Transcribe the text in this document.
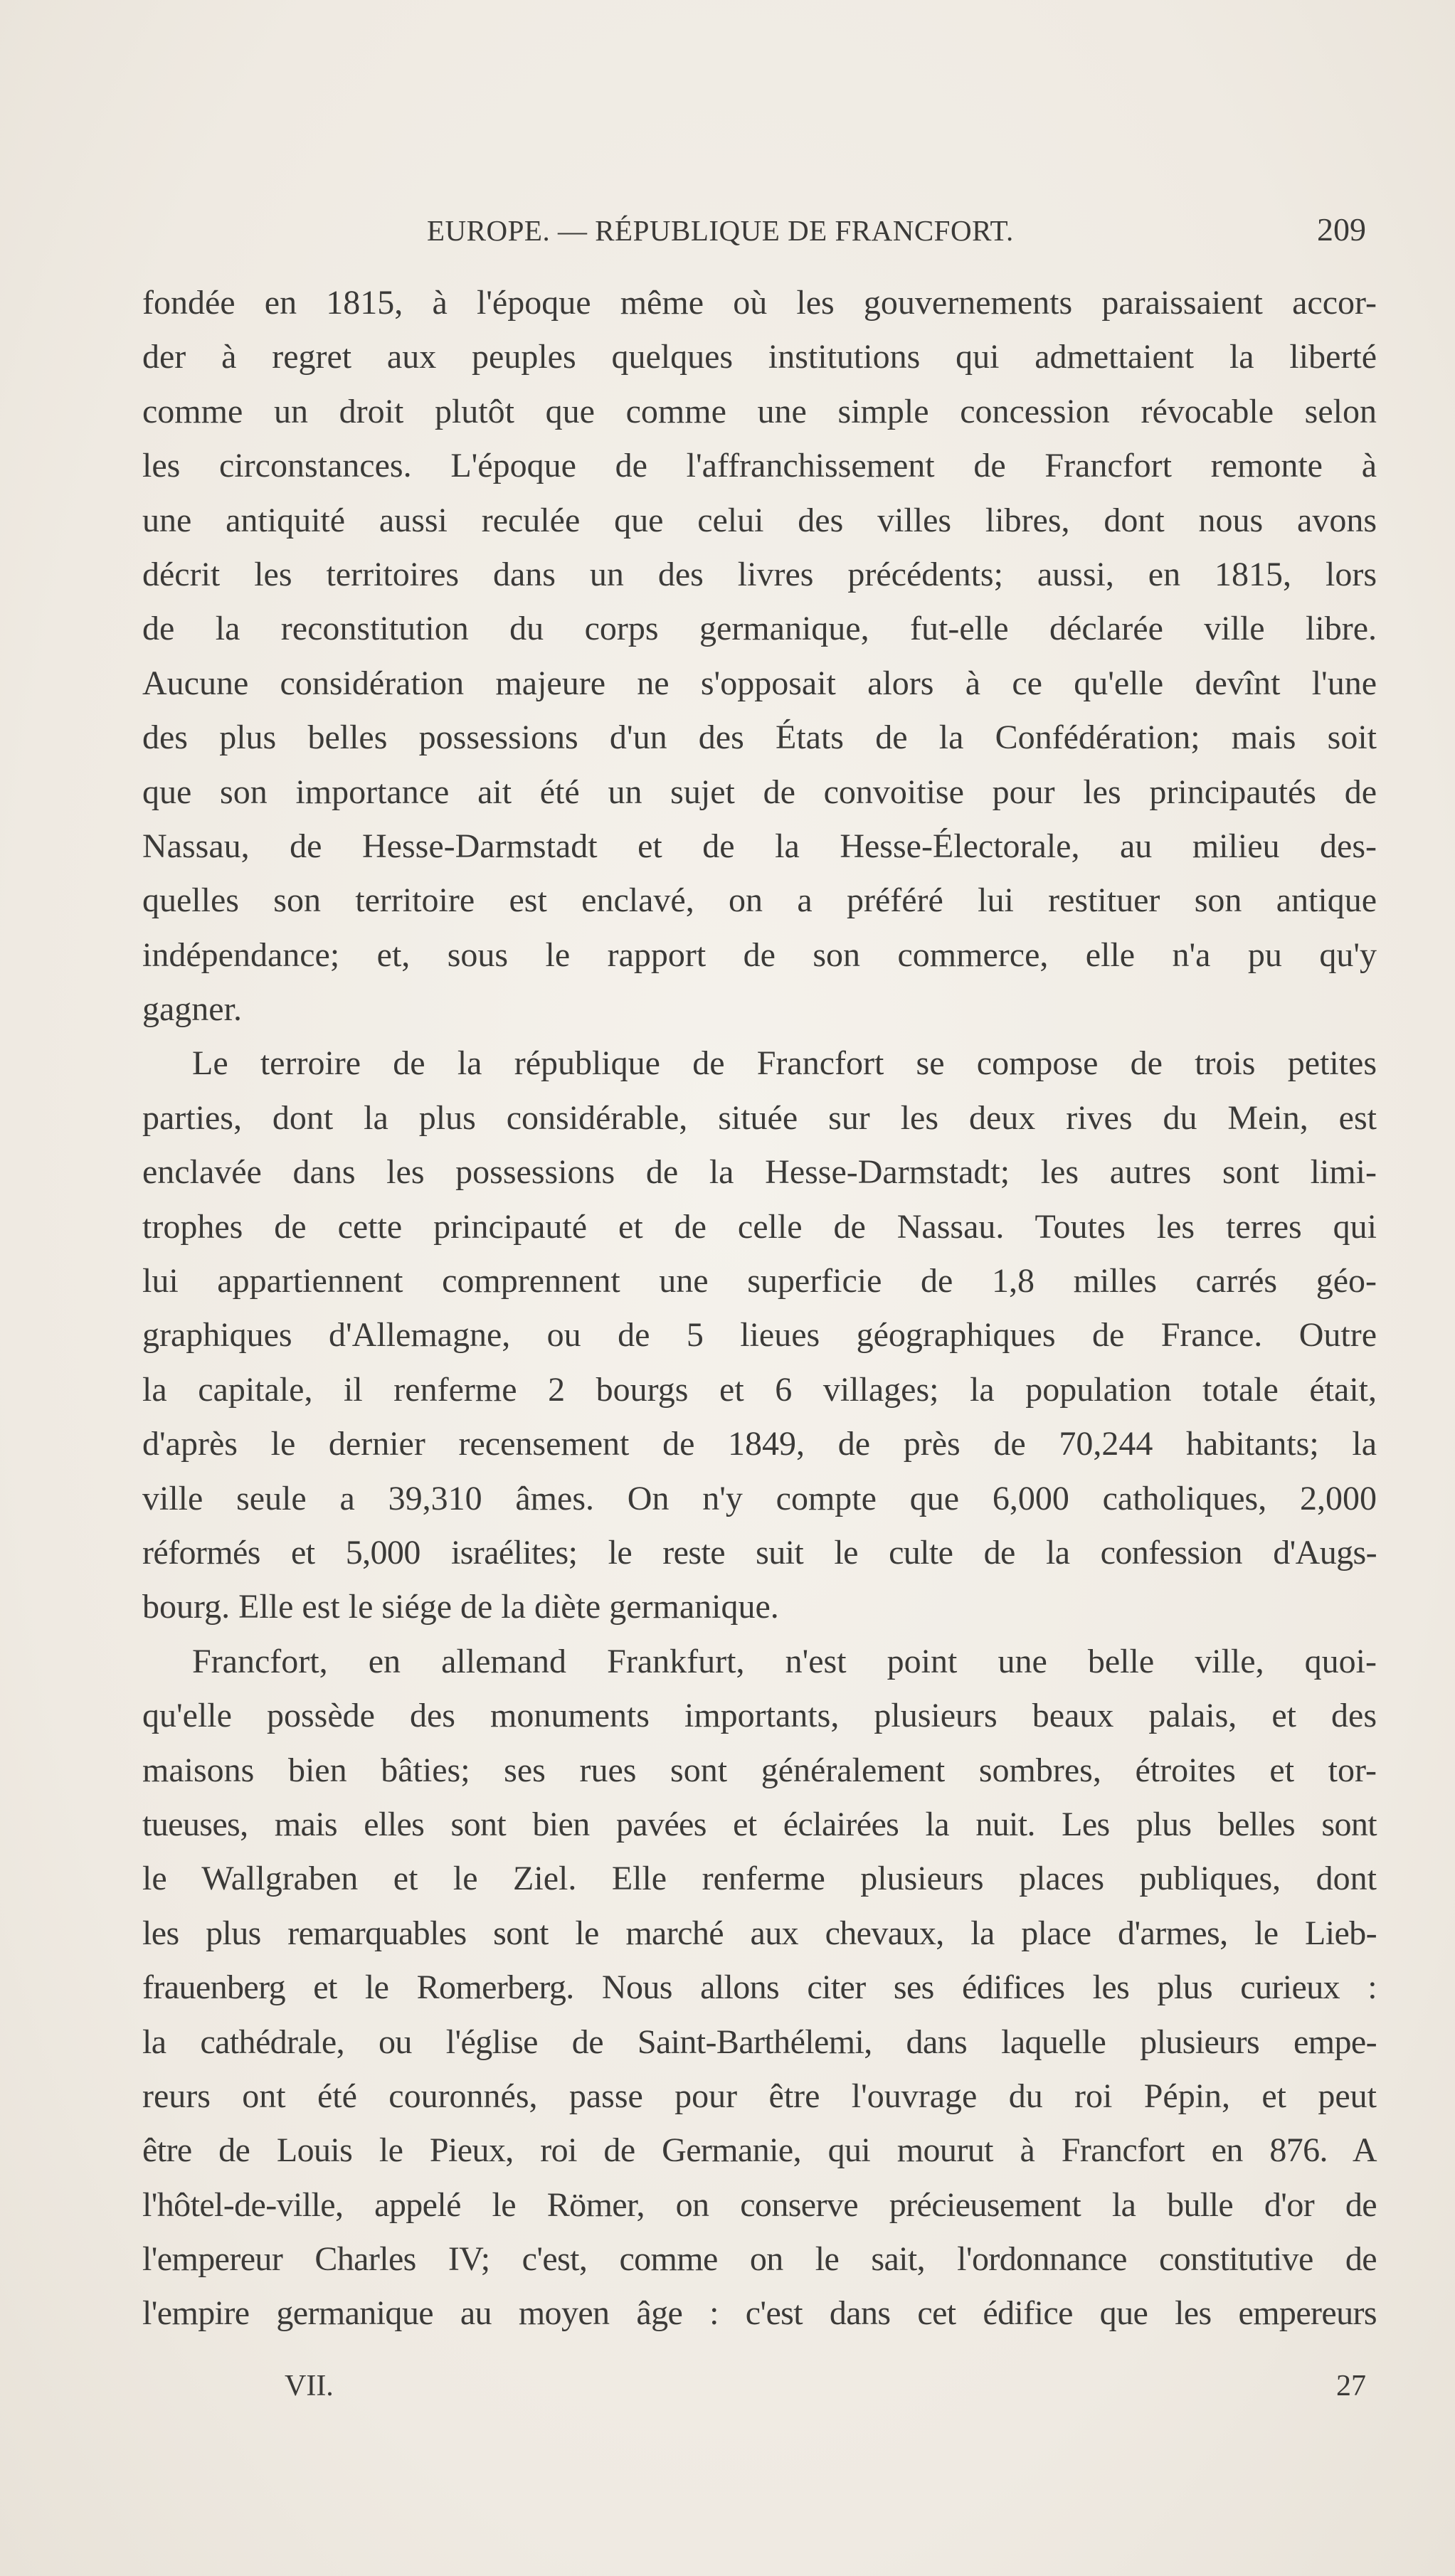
EUROPE. — RÉPUBLIQUE DE FRANCFORT.	209
fondée en 1815, à l'époque même où les gouvernements paraissaient accor-
der à regret aux peuples quelques institutions qui admettaient la liberté
comme un droit plutôt que comme une simple concession révocable selon
les circonstances. L'époque de l'affranchissement de Francfort remonte à
une antiquité aussi reculée que celui des villes libres, dont nous avons
décrit les territoires dans un des livres précédents; aussi, en 1815, lors
de la reconstitution du corps germanique, fut-elle déclarée ville libre.
Aucune considération majeure ne s'opposait alors à ce qu'elle devînt l'une
des plus belles possessions d'un des États de la Confédération; mais soit
que son importance ait été un sujet de convoitise pour les principautés de
Nassau, de Hesse-Darmstadt et de la Hesse-Électorale, au milieu des-
quelles son territoire est enclavé, on a préféré lui restituer son antique
indépendance; et, sous le rapport de son commerce, elle n'a pu qu'y
gagner.
Le terroire de la république de Francfort se compose de trois petites
parties, dont la plus considérable, située sur les deux rives du Mein, est
enclavée dans les possessions de la Hesse-Darmstadt; les autres sont limi-
trophes de cette principauté et de celle de Nassau. Toutes les terres qui
lui appartiennent comprennent une superficie de 1,8 milles carrés géo-
graphiques d'Allemagne, ou de 5 lieues géographiques de France. Outre
la capitale, il renferme 2 bourgs et 6 villages; la population totale était,
d'après le dernier recensement de 1849, de près de 70,244 habitants; la
ville seule a 39,310 âmes. On n'y compte que 6,000 catholiques, 2,000
réformés et 5,000 israélites; le reste suit le culte de la confession d'Augs-
bourg. Elle est le siége de la diète germanique.
Francfort, en allemand Frankfurt, n'est point une belle ville, quoi-
qu'elle possède des monuments importants, plusieurs beaux palais, et des
maisons bien bâties; ses rues sont généralement sombres, étroites et tor-
tueuses, mais elles sont bien pavées et éclairées la nuit. Les plus belles sont
le Wallgraben et le Ziel. Elle renferme plusieurs places publiques, dont
les plus remarquables sont le marché aux chevaux, la place d'armes, le Lieb-
frauenberg et le Romerberg. Nous allons citer ses édifices les plus curieux :
la cathédrale, ou l'église de Saint-Barthélemi, dans laquelle plusieurs empe-
reurs ont été couronnés, passe pour être l'ouvrage du roi Pépin, et peut
être de Louis le Pieux, roi de Germanie, qui mourut à Francfort en 876. A
l'hôtel-de-ville, appelé le Römer, on conserve précieusement la bulle d'or de
l'empereur Charles IV; c'est, comme on le sait, l'ordonnance constitutive de
l'empire germanique au moyen âge : c'est dans cet édifice que les empereurs
VII.	27
